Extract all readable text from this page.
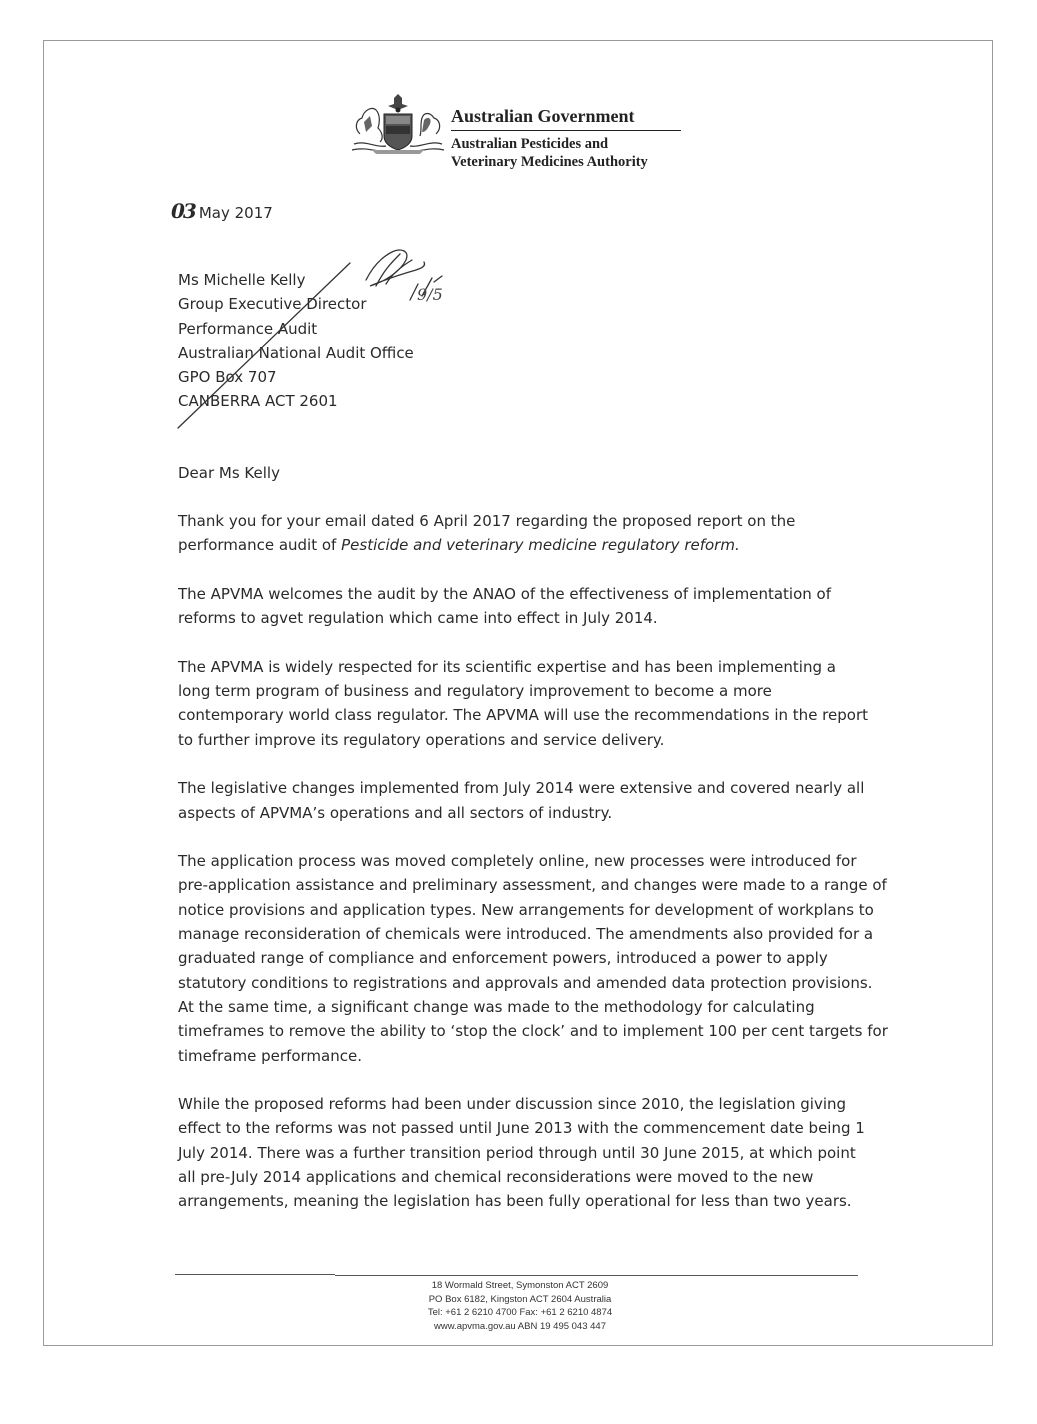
Australian Government
Australian Pesticides and
Veterinary Medicines Authority
03 May 2017
Ms Michelle Kelly
Group Executive Director
Performance Audit
Australian National Audit Office
GPO Box 707
CANBERRA ACT 2601
9/5
Dear Ms Kelly

Thank you for your email dated 6 April 2017 regarding the proposed report on the performance audit of Pesticide and veterinary medicine regulatory reform.

The APVMA welcomes the audit by the ANAO of the effectiveness of implementation of reforms to agvet regulation which came into effect in July 2014.

The APVMA is widely respected for its scientific expertise and has been implementing a long term program of business and regulatory improvement to become a more contemporary world class regulator. The APVMA will use the recommendations in the report to further improve its regulatory operations and service delivery.

The legislative changes implemented from July 2014 were extensive and covered nearly all aspects of APVMA’s operations and all sectors of industry.

The application process was moved completely online, new processes were introduced for pre-application assistance and preliminary assessment, and changes were made to a range of notice provisions and application types. New arrangements for development of workplans to manage reconsideration of chemicals were introduced. The amendments also provided for a graduated range of compliance and enforcement powers, introduced a power to apply statutory conditions to registrations and approvals and amended data protection provisions. At the same time, a significant change was made to the methodology for calculating timeframes to remove the ability to ‘stop the clock’ and to implement 100 per cent targets for timeframe performance.

While the proposed reforms had been under discussion since 2010, the legislation giving effect to the reforms was not passed until June 2013 with the commencement date being 1 July 2014. There was a further transition period through until 30 June 2015, at which point all pre-July 2014 applications and chemical reconsiderations were moved to the new arrangements, meaning the legislation has been fully operational for less than two years.

18 Wormald Street, Symonston ACT 2609
PO Box 6182, Kingston ACT 2604 Australia
Tel: +61 2 6210 4700 Fax: +61 2 6210 4874
www.apvma.gov.au ABN 19 495 043 447
